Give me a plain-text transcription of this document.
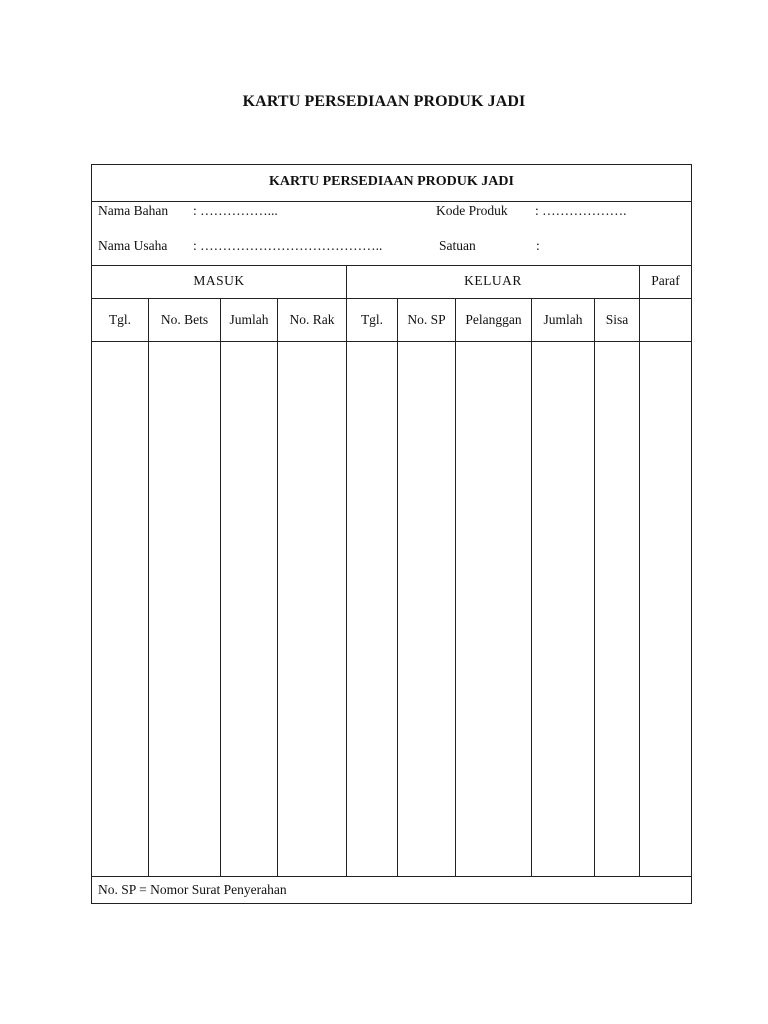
KARTU PERSEDIAAN PRODUK JADI
KARTU PERSEDIAAN PRODUK JADI
Nama Bahan : ……………...	Kode Produk : ……………….
Nama Usaha : …………………………………..	Satuan	:
MASUK	KELUAR	Paraf
Tgl.	No. Bets	Jumlah	No. Rak	Tgl.	No. SP	Pelanggan	Jumlah	Sisa
No. SP = Nomor Surat Penyerahan
